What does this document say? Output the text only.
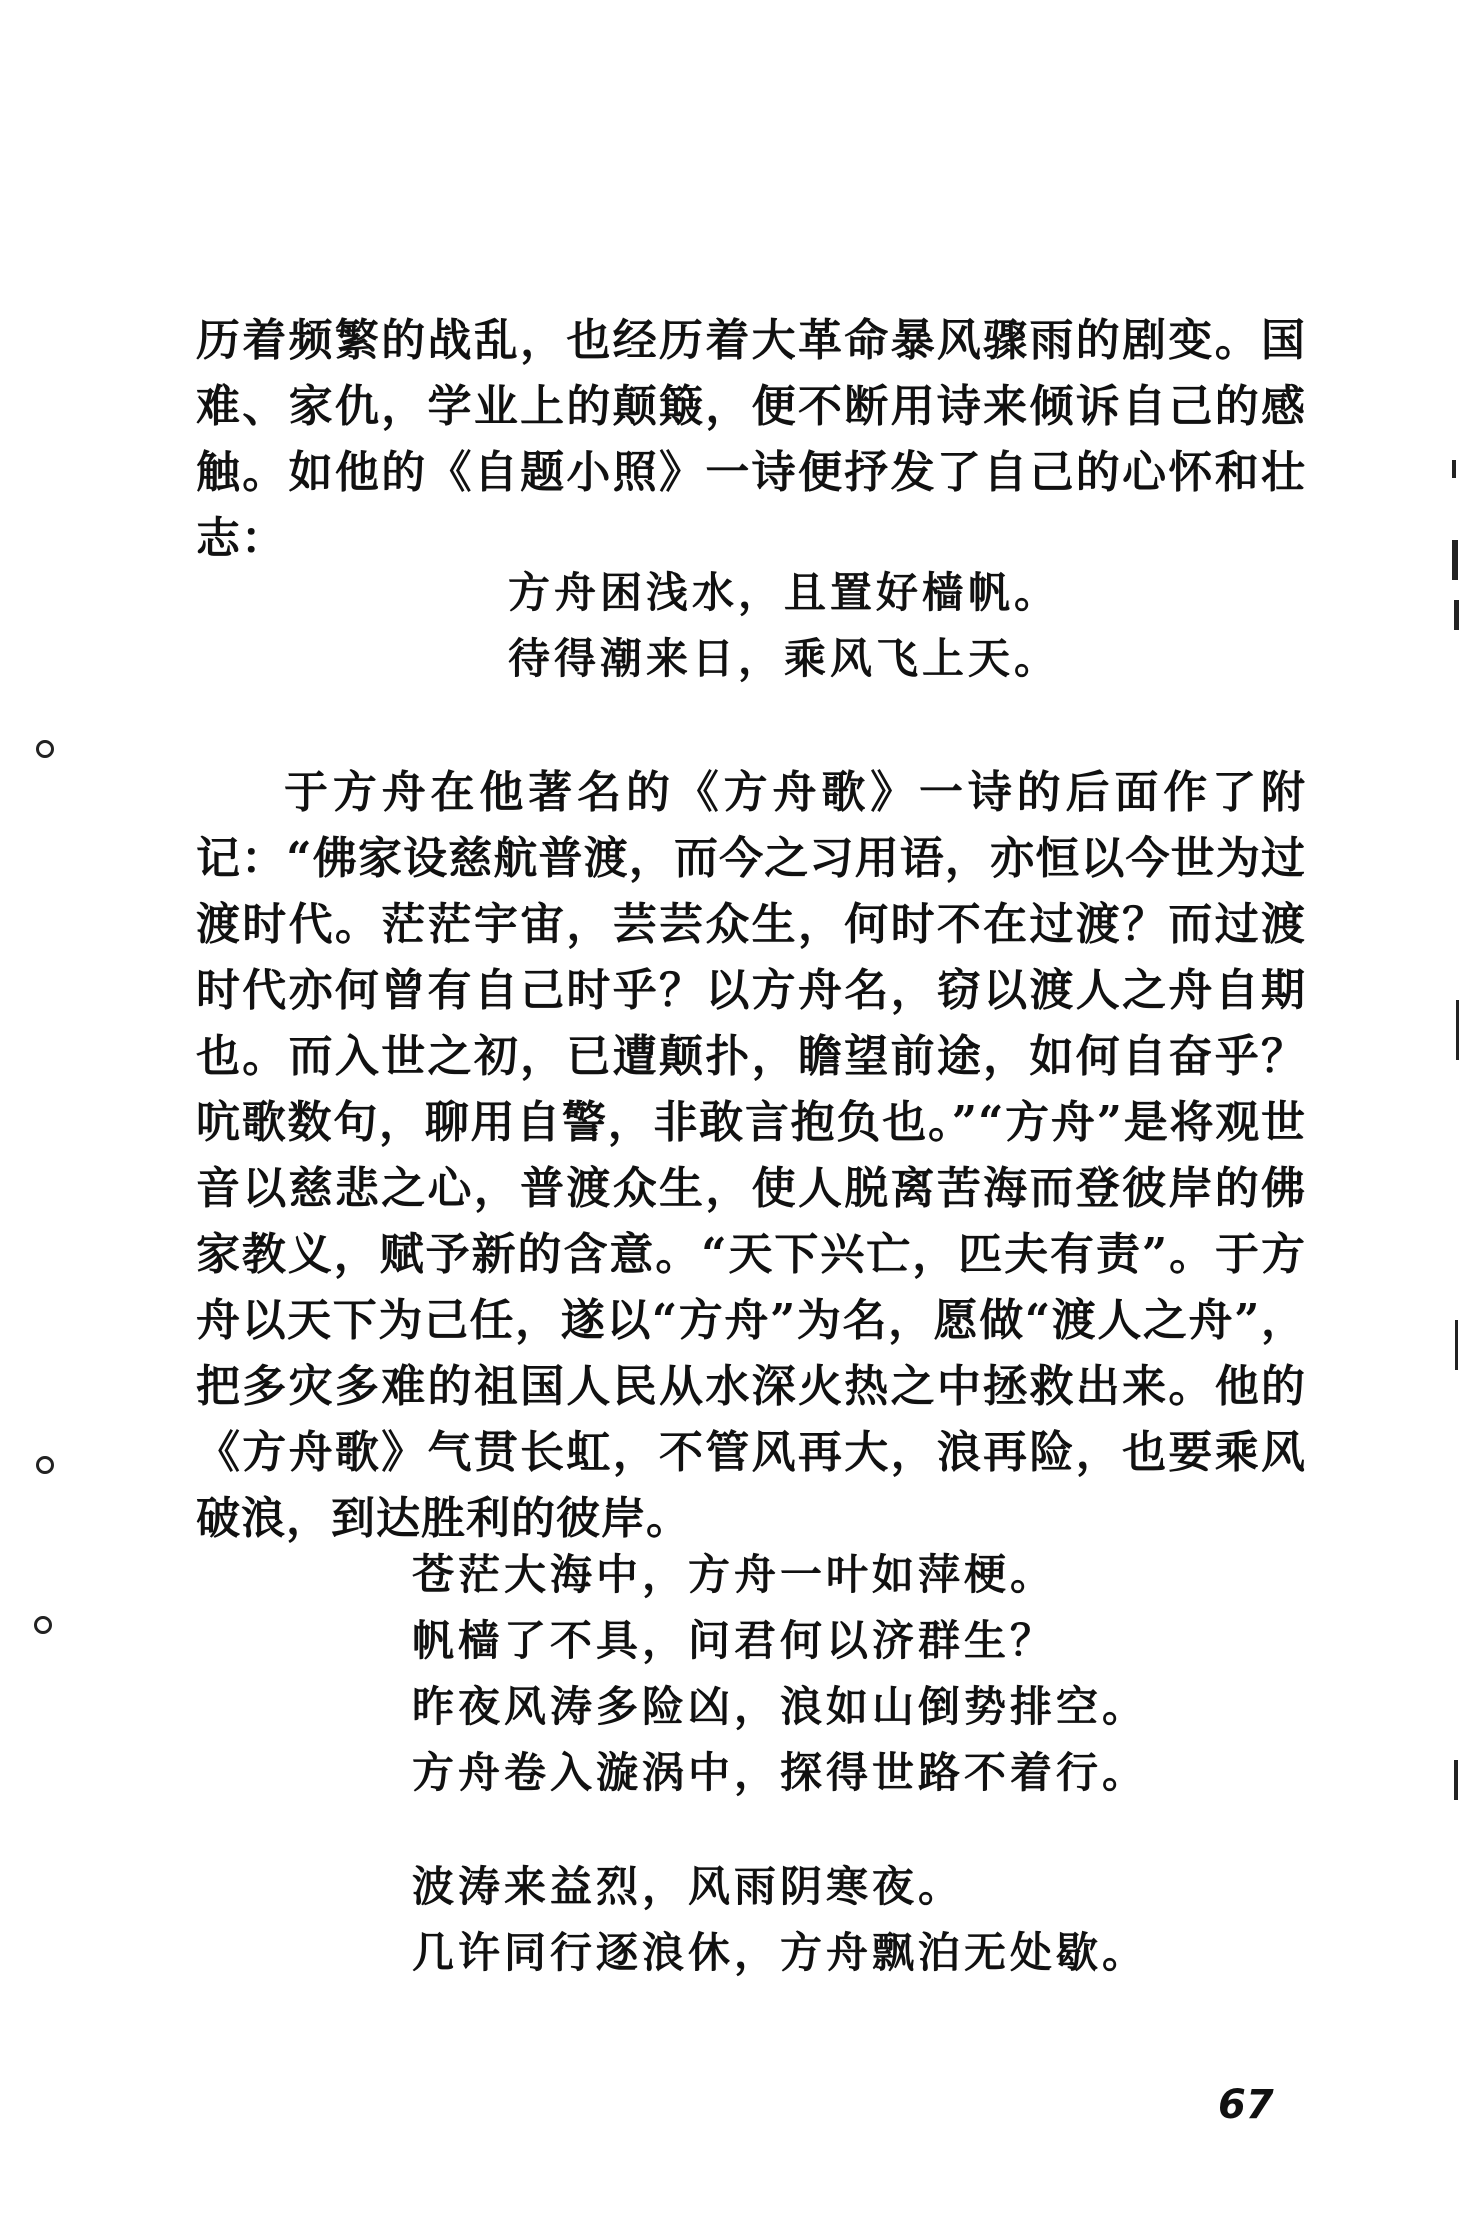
历着频繁的战乱，也经历着大革命暴风骤雨的剧变。国难、家仇，学业上的颠簸，便不断用诗来倾诉自己的感触。如他的《自题小照》一诗便抒发了自己的心怀和壮志：

方舟困浅水，且置好樯帆。
待得潮来日，乘风飞上天。

于方舟在他著名的《方舟歌》一诗的后面作了附记：“佛家设慈航普渡，而今之习用语，亦恒以今世为过渡时代。茫茫宇宙，芸芸众生，何时不在过渡？而过渡时代亦何曾有自己时乎？以方舟名，窃以渡人之舟自期也。而入世之初，已遭颠扑，瞻望前途，如何自奋乎？吭歌数句，聊用自警，非敢言抱负也。”“方舟”是将观世音以慈悲之心，普渡众生，使人脱离苦海而登彼岸的佛家教义，赋予新的含意。“天下兴亡，匹夫有责”。于方舟以天下为己任，遂以“方舟”为名，愿做“渡人之舟”，把多灾多难的祖国人民从水深火热之中拯救出来。他的《方舟歌》气贯长虹，不管风再大，浪再险，也要乘风破浪，到达胜利的彼岸。

苍茫大海中，方舟一叶如萍梗。
帆樯了不具，问君何以济群生？
昨夜风涛多险凶，浪如山倒势排空。
方舟卷入漩涡中，探得世路不着行。
波涛来益烈，风雨阴寒夜。
几许同行逐浪休，方舟飘泊无处歇。
67
